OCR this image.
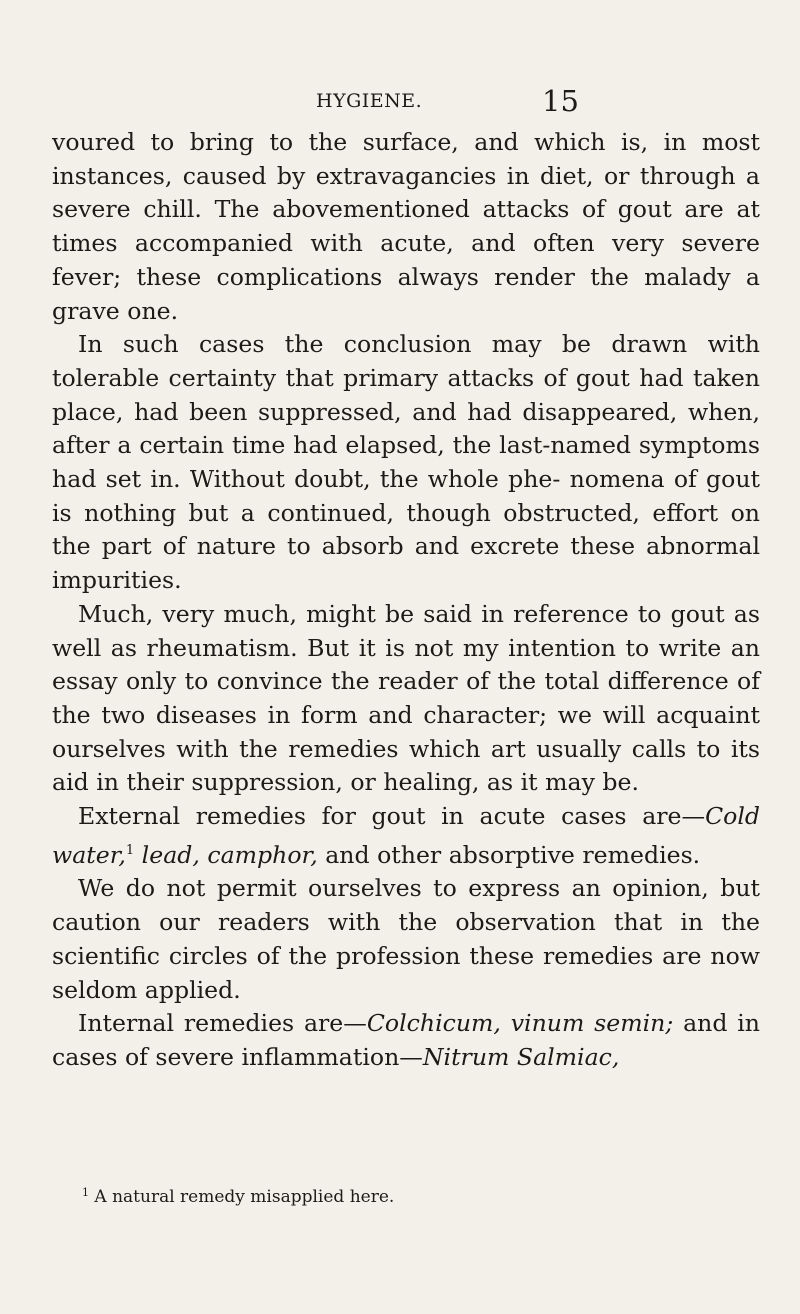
HYGIENE.	15

voured to bring to the surface, and which is, in most instances, caused by extravagancies in diet, or through a severe chill. The abovementioned attacks of gout are at times accompanied with acute, and often very severe fever; these complications always render the malady a grave one.

In such cases the conclusion may be drawn with tolerable certainty that primary attacks of gout had taken place, had been suppressed, and had disappeared, when, after a certain time had elapsed, the last-named symptoms had set in. Without doubt, the whole phe- nomena of gout is nothing but a continued, though obstructed, effort on the part of nature to absorb and excrete these abnormal impurities.

Much, very much, might be said in reference to gout as well as rheumatism. But it is not my intention to write an essay only to convince the reader of the total difference of the two diseases in form and character; we will acquaint ourselves with the remedies which art usually calls to its aid in their suppression, or healing, as it may be.

External remedies for gout in acute cases are—Cold water,$^1$ lead, camphor, and other absorptive remedies.

We do not permit ourselves to express an opinion, but caution our readers with the observation that in the scientific circles of the profession these remedies are now seldom applied.

Internal remedies are—Colchicum, vinum semin; and in cases of severe inflammation—Nitrum Salmiac,

$^1$ A natural remedy misapplied here.
